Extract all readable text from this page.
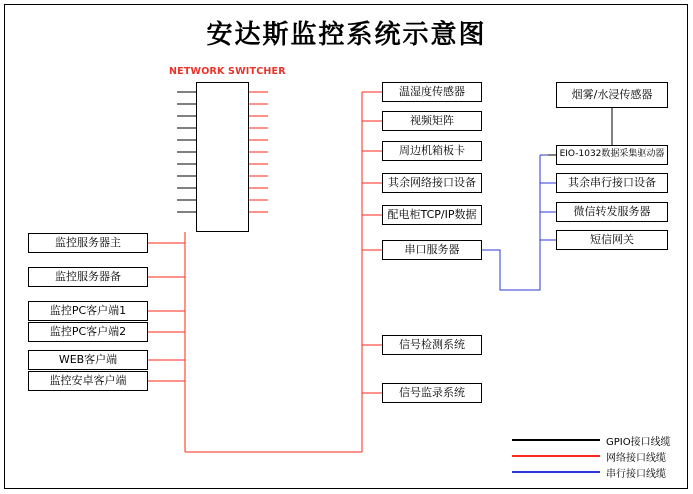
安达斯监控系统示意图
NETWORK SWITCHER
监控服务器主
监控服务器备
监控PC客户端1
监控PC客户端2
WEB客户端
监控安卓客户端
温湿度传感器
视频矩阵
周边机箱板卡
其余网络接口设备
配电柜TCP/IP数据
串口服务器
信号检测系统
信号监录系统
烟雾/水浸传感器
EIO-1032数据采集驱动器
其余串行接口设备
微信转发服务器
短信网关
GPIO接口线缆
网络接口线缆
串行接口线缆
